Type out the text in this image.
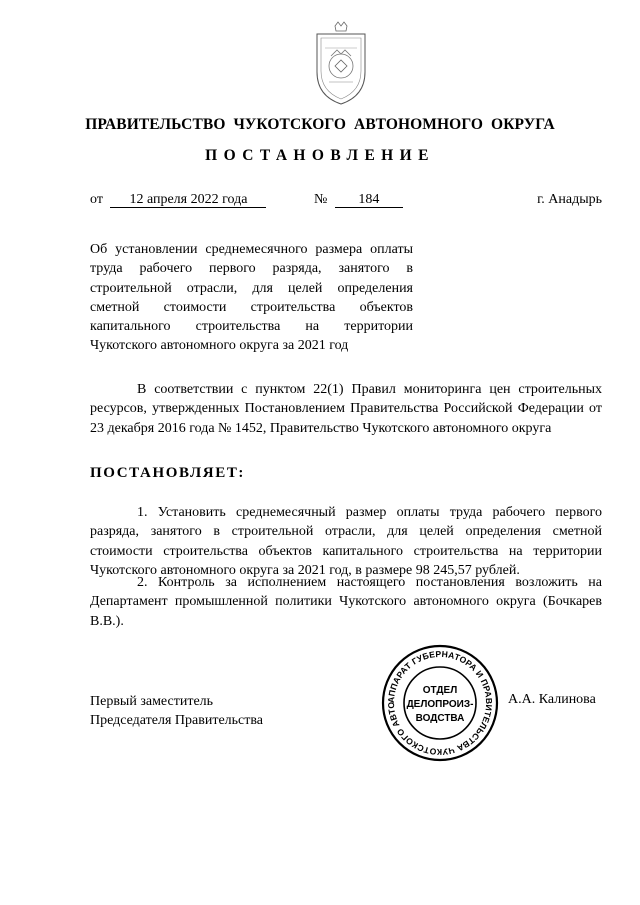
ПРАВИТЕЛЬСТВО ЧУКОТСКОГО АВТОНОМНОГО ОКРУГА
ПОСТАНОВЛЕНИЕ
от 12 апреля 2022 года	№ 184	г. Анадырь
Об установлении среднемесячного размера оплаты труда рабочего первого разряда, занятого в строительной отрасли, для целей определения сметной стоимости строительства объектов капитального строительства на территории Чукотского автономного округа за 2021 год
В соответствии с пунктом 22(1) Правил мониторинга цен строительных ресурсов, утвержденных Постановлением Правительства Российской Федерации от 23 декабря 2016 года № 1452, Правительство Чукотского автономного округа
ПОСТАНОВЛЯЕТ:
1. Установить среднемесячный размер оплаты труда рабочего первого разряда, занятого в строительной отрасли, для целей определения сметной стоимости строительства объектов капитального строительства на территории Чукотского автономного округа за 2021 год, в размере 98 245,57 рублей.
2. Контроль за исполнением настоящего постановления возложить на Департамент промышленной политики Чукотского автономного округа (Бочкарев В.В.).
АППАРАТ ГУБЕРНАТОРА И ПРАВИТЕЛЬСТВА ЧУКОТСКОГО АВТО
ОТДЕЛ
ДЕЛОПРОИЗ-
ВОДСТВА
Первый заместитель
Председателя Правительства
А.А. Калинова
